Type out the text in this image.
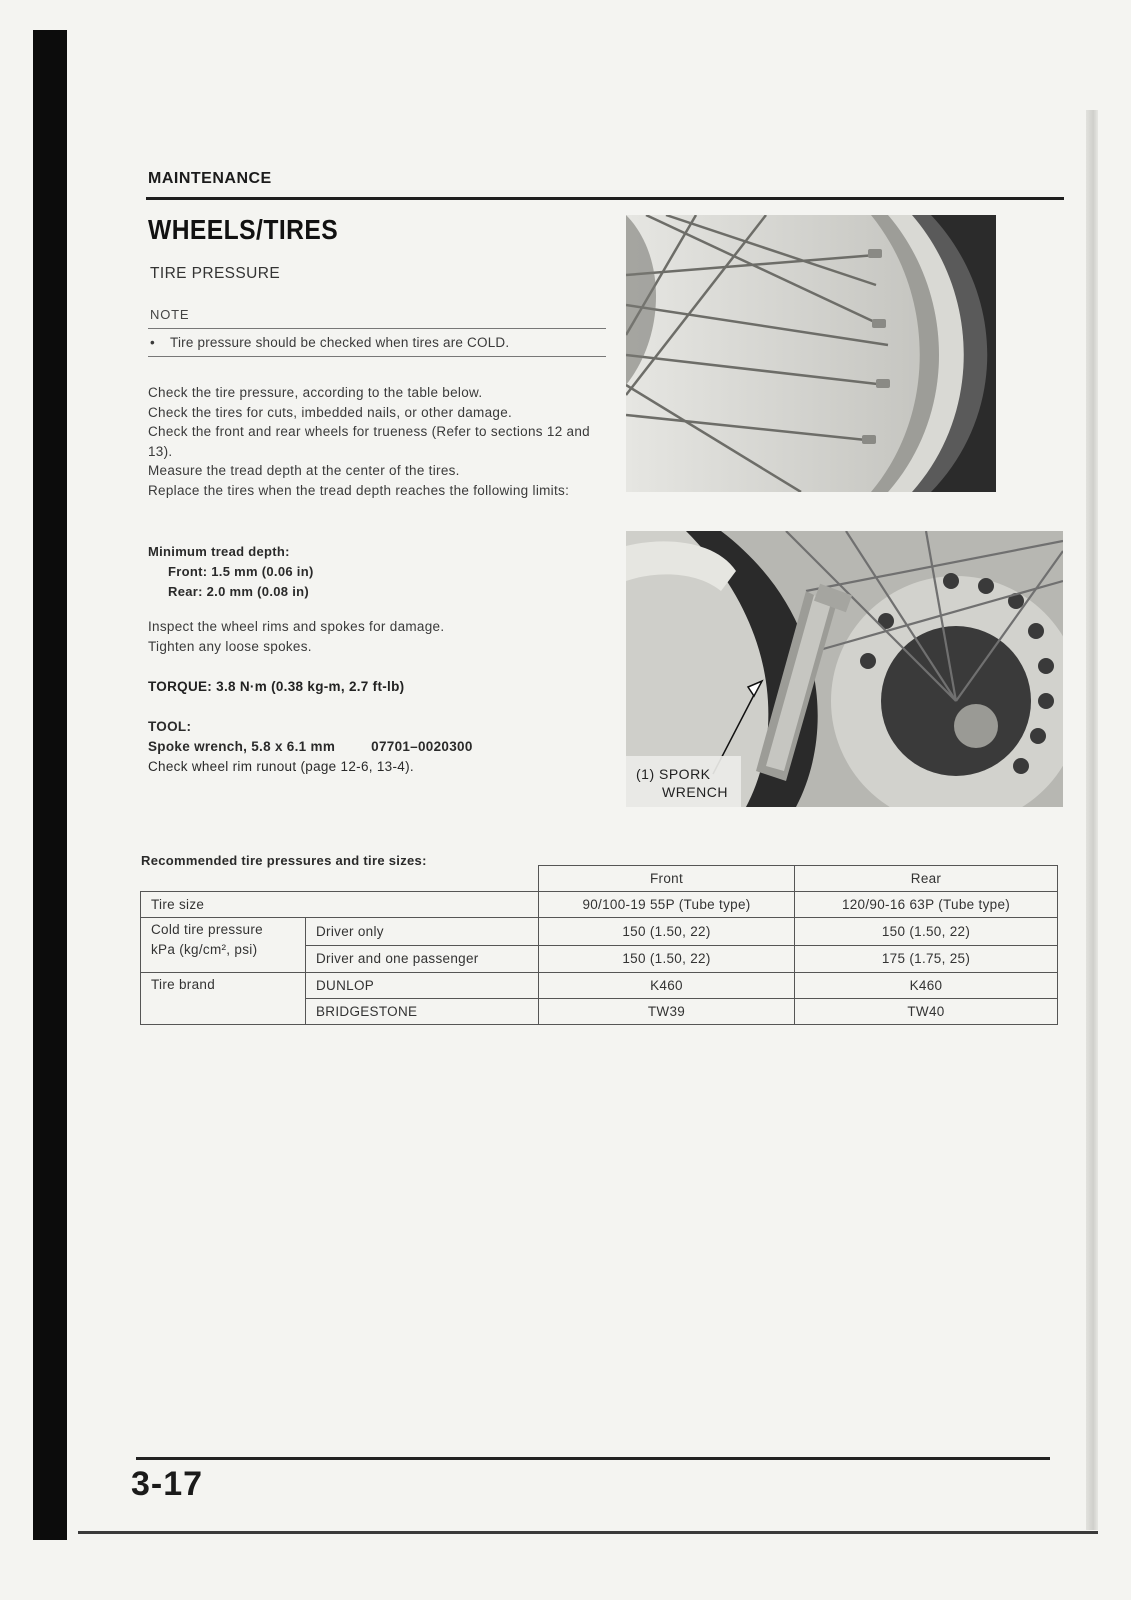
MAINTENANCE
WHEELS/TIRES
TIRE PRESSURE
NOTE
• Tire pressure should be checked when tires are COLD.

Check the tire pressure, according to the table below.

Check the tires for cuts, imbedded nails, or other damage.

Check the front and rear wheels for trueness (Refer to sections 12 and 13).

Measure the tread depth at the center of the tires.

Replace the tires when the tread depth reaches the following limits:

Minimum tread depth:
Front: 1.5 mm (0.06 in)
Rear: 2.0 mm (0.08 in)
Inspect the wheel rims and spokes for damage.
Tighten any loose spokes.
TORQUE: 3.8 N·m (0.38 kg-m, 2.7 ft-lb)
TOOL:
Spoke wrench, 5.8 x 6.1 mm	07701–0020300
Check wheel rim runout (page 12-6, 13-4).	(1) SPORK
WRENCH
Recommended tire pressures and tire sizes:
		Front	Rear
Tire size		90/100-19 55P (Tube type)	120/90-16 63P (Tube type)

Cold tire pressure
kPa (kg/cm², psi)	Driver only	150 (1.50, 22)	150 (1.50, 22)
	Driver and one passenger	150 (1.50, 22)	175 (1.75, 25)
Tire brand	DUNLOP	K460	K460
	BRIDGESTONE	TW39	TW40
3-17
